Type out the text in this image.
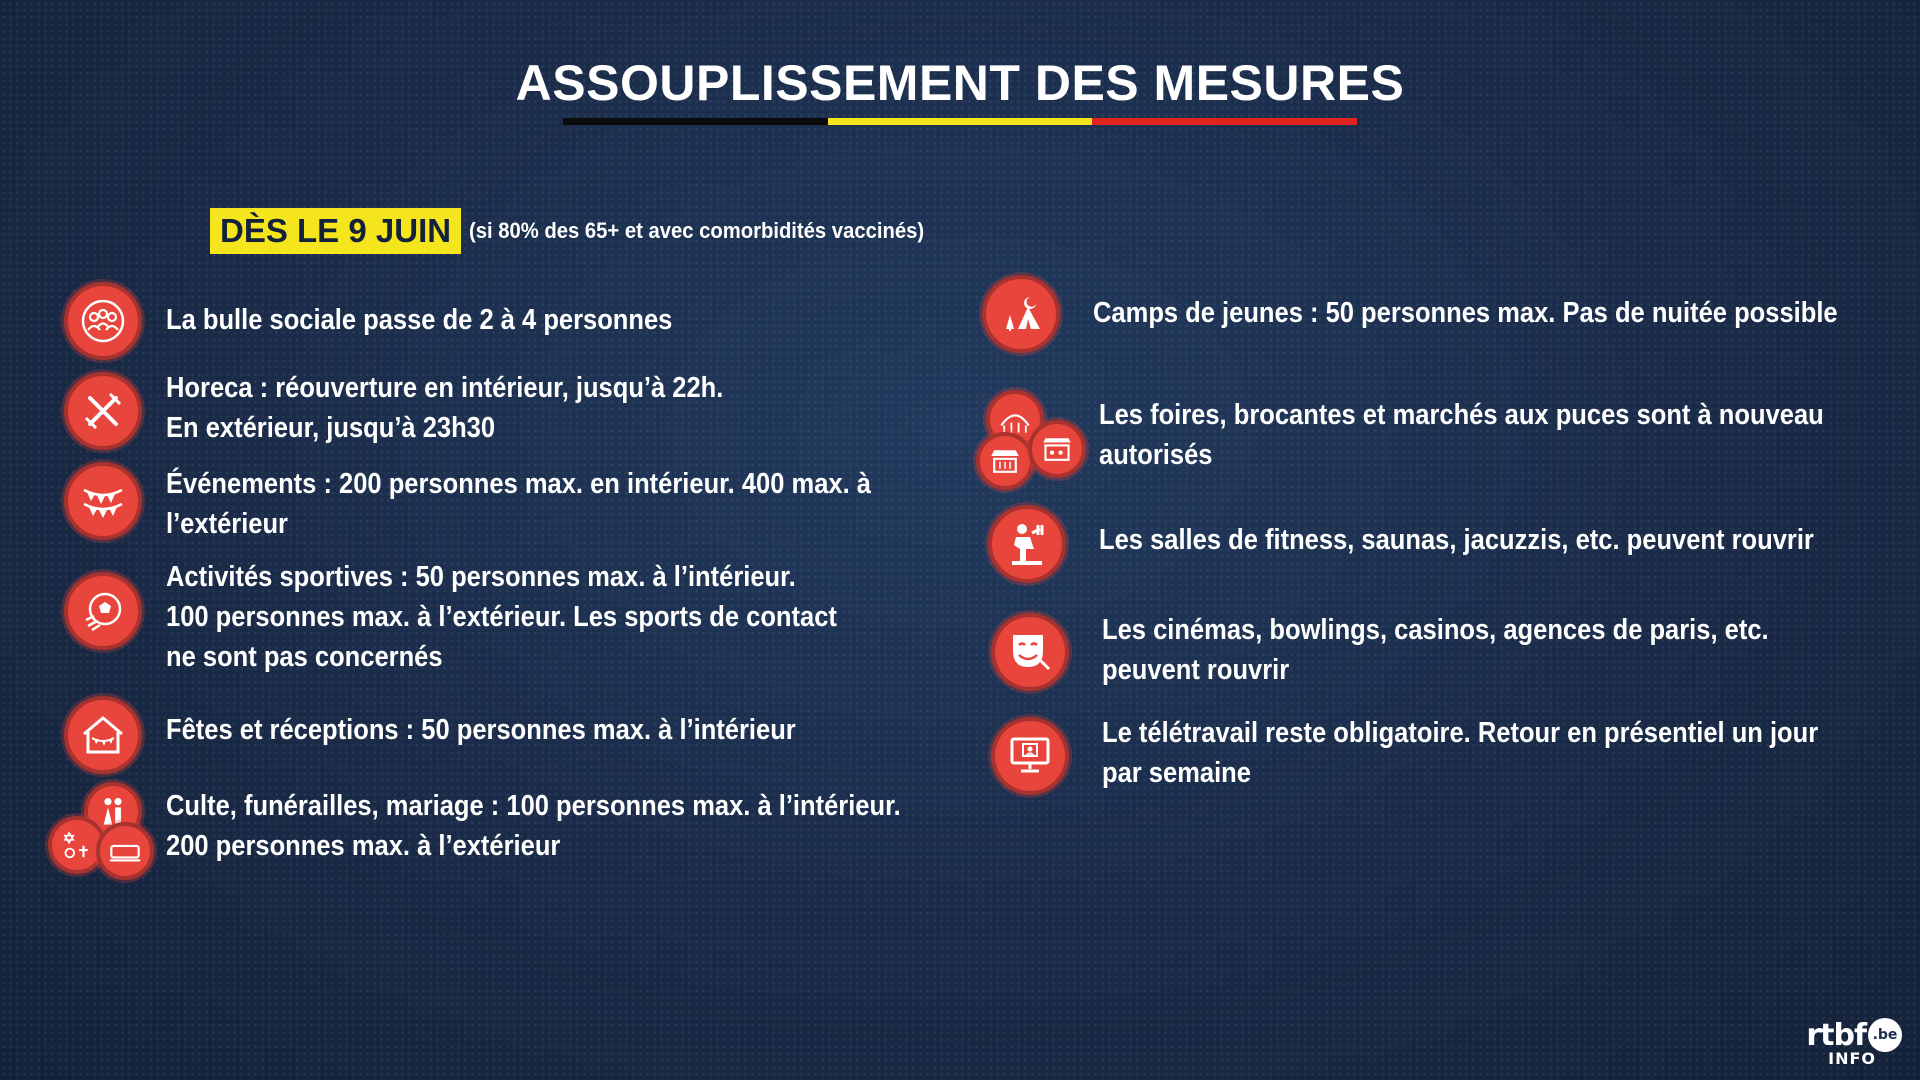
ASSOUPLISSEMENT DES MESURES
DÈS LE 9 JUIN (si 80% des 65+ et avec comorbidités vaccinés)
La bulle sociale passe de 2 à 4 personnes
Horeca : réouverture en intérieur, jusqu’à 22h.
En extérieur, jusqu’à 23h30
Événements : 200 personnes max. en intérieur. 400 max. à
l’extérieur
Activités sportives : 50 personnes max. à l’intérieur.
100 personnes max. à l’extérieur. Les sports de contact
ne sont pas concernés
Fêtes et réceptions : 50 personnes max. à l’intérieur
Culte, funérailles, mariage : 100 personnes max. à l’intérieur.
200 personnes max. à l’extérieur
Camps de jeunes : 50 personnes max. Pas de nuitée possible
Les foires, brocantes et marchés aux puces sont à nouveau
autorisés
Les salles de fitness, saunas, jacuzzis, etc. peuvent rouvrir
Les cinémas, bowlings, casinos, agences de paris, etc.
peuvent rouvrir
Le télétravail reste obligatoire. Retour en présentiel un jour
par semaine
rtbf .be
INFO
